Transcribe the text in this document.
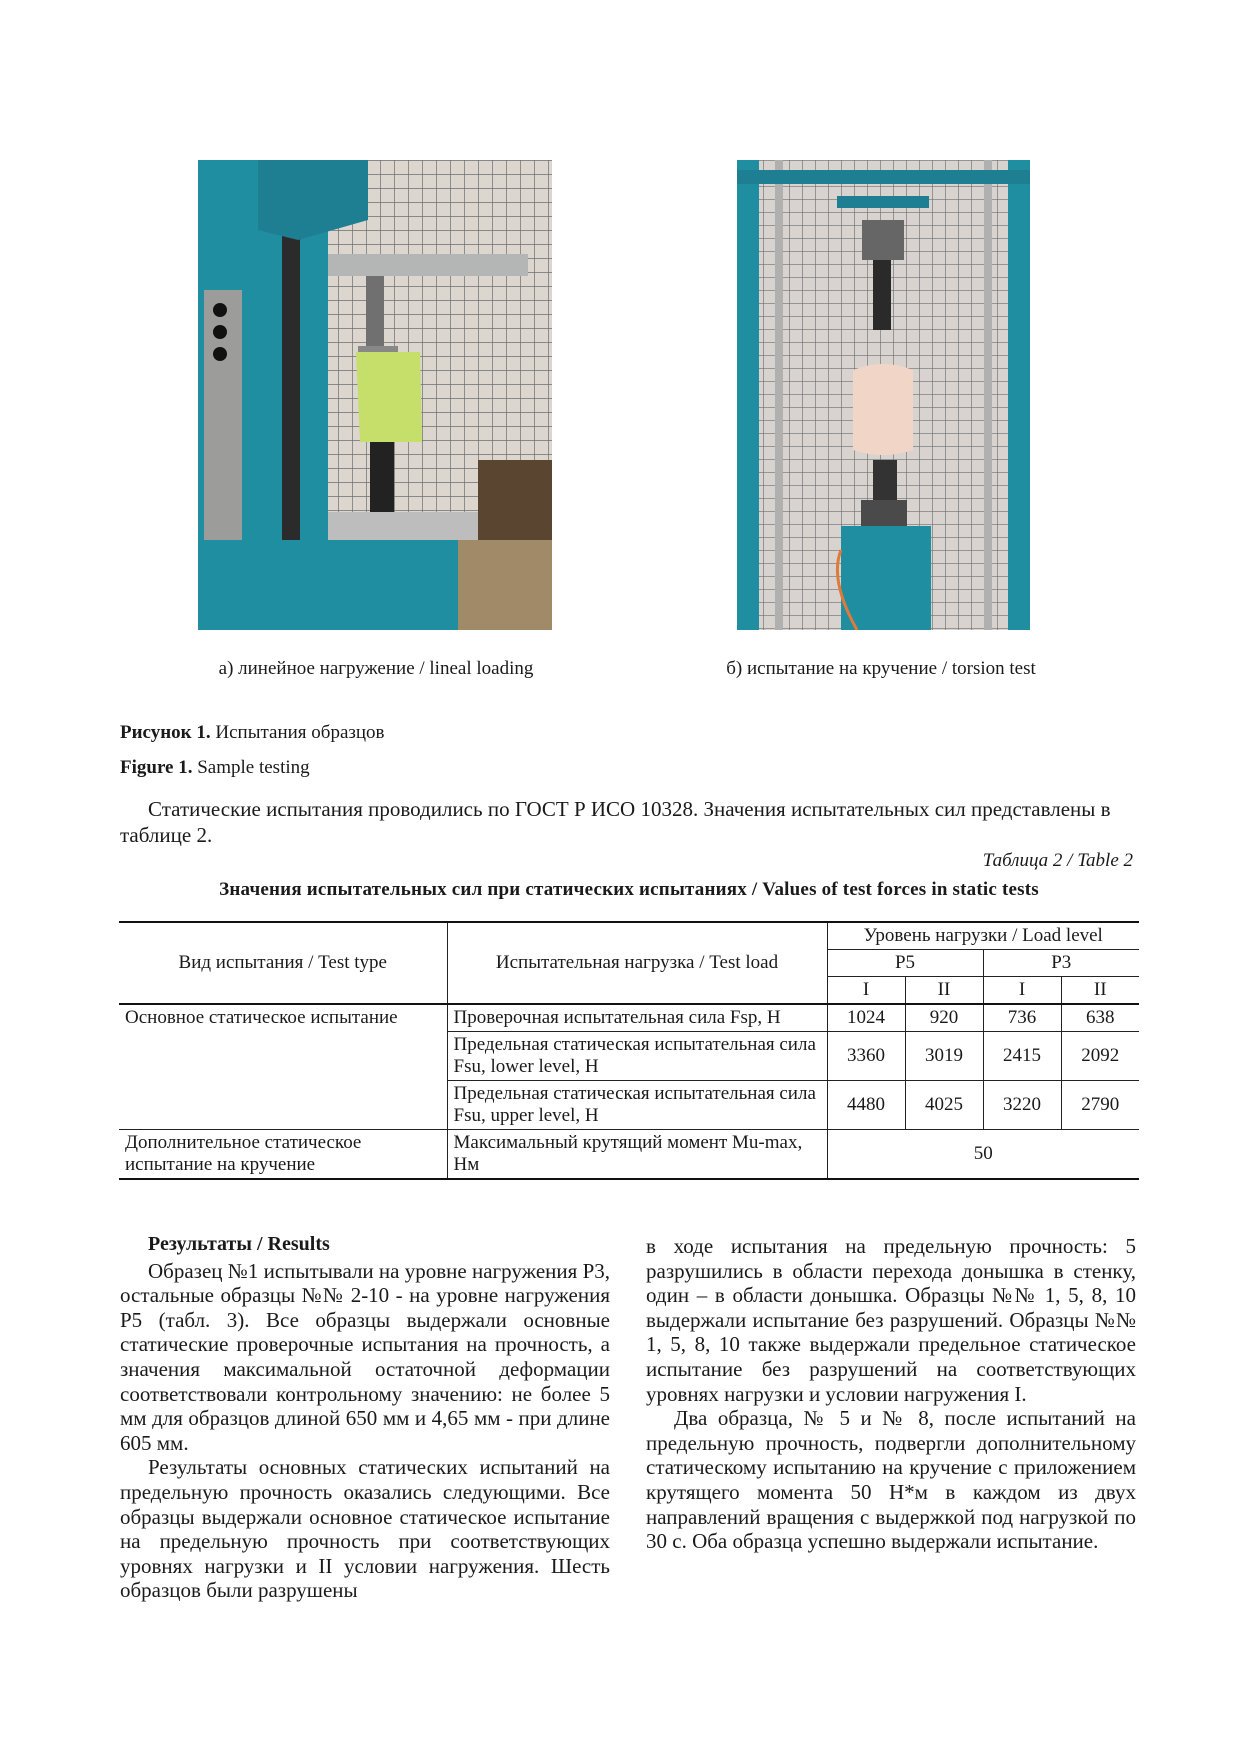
а) линейное нагружение / lineal loading	б) испытание на кручение / torsion test
Рисунок 1. Испытания образцов
Figure 1. Sample testing
Статические испытания проводились по ГОСТ Р ИСО 10328. Значения испытательных сил представлены в таблице 2.
Таблица 2 / Table 2
Значения испытательных сил при статических испытаниях / Values of test forces in static tests
Вид испытания / Test type	Испытательная нагрузка / Test load	Уровень нагрузки / Load level			
		P5		P3	
		I	II	I	II
Основное статическое испытание	Проверочная испытательная сила Fsp, Н	1024	920	736	638
	Предельная статическая испытательная сила Fsu, lower level, Н	3360	3019	2415	2092
	Предельная статическая испытательная сила Fsu, upper level, Н	4480	4025	3220	2790
Дополнительное статическое испытание на кручение	Максимальный крутящий момент Mu-max, Нм	50			
Результаты / Results

Образец №1 испытывали на уровне нагружения Р3, остальные образцы №№ 2-10 - на уровне нагружения Р5 (табл. 3). Все образцы выдержали основные статические проверочные испытания на прочность, а значения максимальной остаточной деформации соответствовали контрольному значению: не более 5 мм для образцов длиной 650 мм и 4,65 мм - при длине 605 мм.

Результаты основных статических испытаний на предельную прочность оказались следующими. Все образцы выдержали основное статическое испытание на предельную прочность при соответствующих уровнях нагрузки и II условии нагружения. Шесть образцов были разрушены

в ходе испытания на предельную прочность: 5 разрушились в области перехода донышка в стенку, один – в области донышка. Образцы №№ 1, 5, 8, 10 выдержали испытание без разрушений. Образцы №№ 1, 5, 8, 10 также выдержали предельное статическое испытание без разрушений на соответствующих уровнях нагрузки и условии нагружения I.

Два образца, № 5 и № 8, после испытаний на предельную прочность, подвергли дополнительному статическому испытанию на кручение с приложением крутящего момента 50 Н*м в каждом из двух направлений вращения с выдержкой под нагрузкой по 30 с. Оба образца успешно выдержали испытание.
